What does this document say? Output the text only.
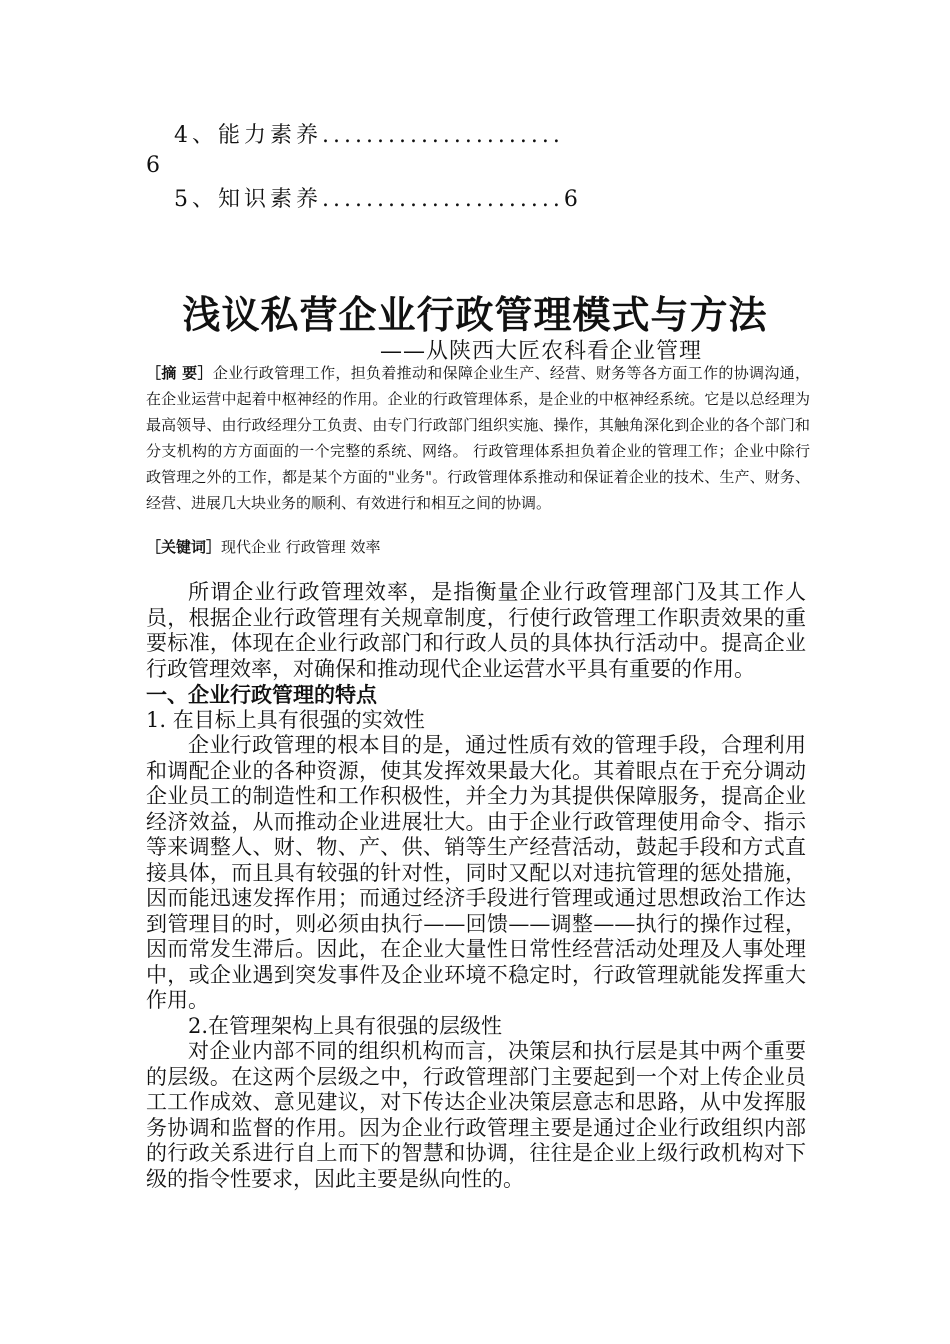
4、能力素养......................
6
5、知识素养......................6
浅议私营企业行政管理模式与方法
——从陕西大匠农科看企业管理
［摘 要］企业行政管理工作，担负着推动和保障企业生产、经营、财务等各方面工作的协调沟通，在企业运营中起着中枢神经的作用。企业的行政管理体系，是企业的中枢神经系统。它是以总经理为最高领导、由行政经理分工负责、由专门行政部门组织实施、操作，其触角深化到企业的各个部门和分支机构的方方面面的一个完整的系统、网络。 行政管理体系担负着企业的管理工作；企业中除行政管理之外的工作，都是某个方面的"业务"。行政管理体系推动和保证着企业的技术、生产、财务、经营、进展几大块业务的顺利、有效进行和相互之间的协调。
［关键词］现代企业 行政管理 效率

所谓企业行政管理效率，是指衡量企业行政管理部门及其工作人员，根据企业行政管理有关规章制度，行使行政管理工作职责效果的重要标准，体现在企业行政部门和行政人员的具体执行活动中。提高企业行政管理效率，对确保和推动现代企业运营水平具有重要的作用。

一、企业行政管理的特点

1. 在目标上具有很强的实效性

企业行政管理的根本目的是，通过性质有效的管理手段，合理利用和调配企业的各种资源，使其发挥效果最大化。其着眼点在于充分调动企业员工的制造性和工作积极性，并全力为其提供保障服务，提高企业经济效益，从而推动企业进展壮大。由于企业行政管理使用命令、指示等来调整人、财、物、产、供、销等生产经营活动，鼓起手段和方式直接具体，而且具有较强的针对性，同时又配以对违抗管理的惩处措施，因而能迅速发挥作用；而通过经济手段进行管理或通过思想政治工作达到管理目的时，则必须由执行——回馈——调整——执行的操作过程，因而常发生滞后。因此，在企业大量性日常性经营活动处理及人事处理中，或企业遇到突发事件及企业环境不稳定时，行政管理就能发挥重大作用。

2.在管理架构上具有很强的层级性

对企业内部不同的组织机构而言，决策层和执行层是其中两个重要的层级。在这两个层级之中，行政管理部门主要起到一个对上传企业员工工作成效、意见建议，对下传达企业决策层意志和思路，从中发挥服务协调和监督的作用。因为企业行政管理主要是通过企业行政组织内部的行政关系进行自上而下的智慧和协调，往往是企业上级行政机构对下级的指令性要求，因此主要是纵向性的。
